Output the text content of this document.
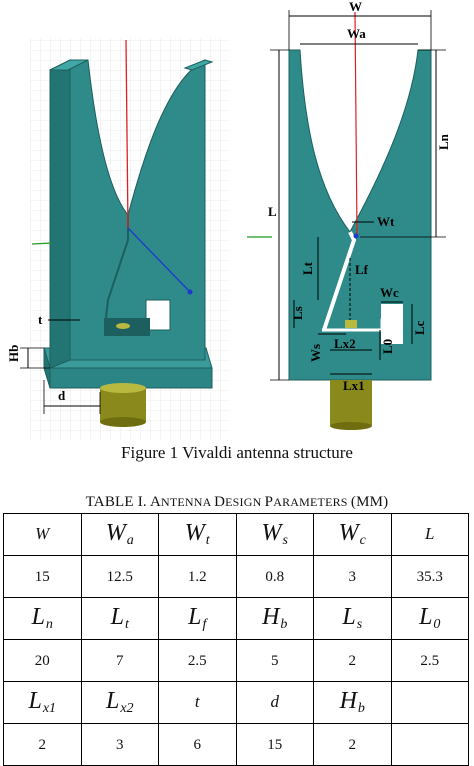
t
Hb
d
W
Wa
Ln
L
Wt
Lt	Lf
Ls
Wc
Lc
Ws
Lx2 L0
Lx1
Figure 1 Vivaldi antenna structure
TABLE I. ANTENNA DESIGN PARAMETERS (MM)
W	$W_a$	$W_t$	$W_s$	$W_c$	L
15	12.5	1.2	0.8	3	35.3
$L_n$	$L_t$	$L_f$	$H_b$	$L_s$	$L_0$
20	7	2.5	5	2	2.5
$L_{x1}$	$L_{x2}$	t	d	$H_b$	
2	3	6	15	2	
